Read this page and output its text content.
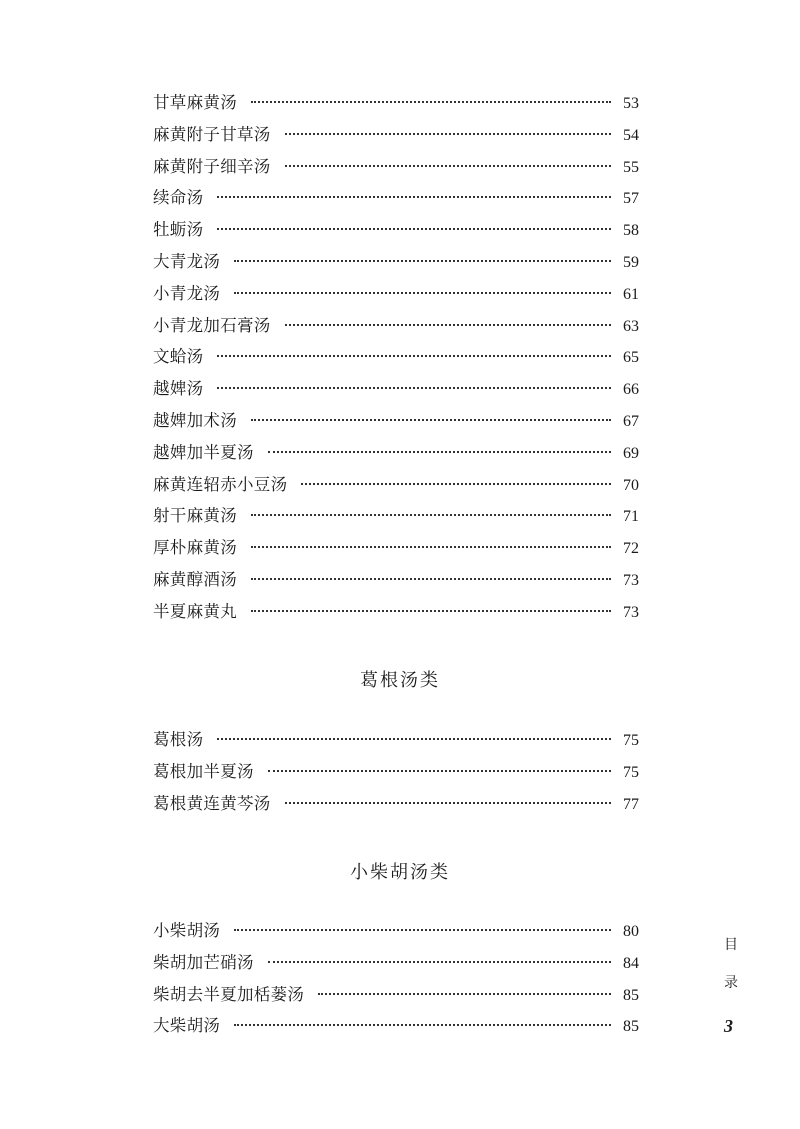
甘草麻黄汤	53
麻黄附子甘草汤	54
麻黄附子细辛汤	55
续命汤	57
牡蛎汤	58
大青龙汤	59
小青龙汤	61
小青龙加石膏汤	63
文蛤汤	65
越婢汤	66
越婢加术汤	67
越婢加半夏汤	69
麻黄连轺赤小豆汤	70
射干麻黄汤	71
厚朴麻黄汤	72
麻黄醇酒汤	73
半夏麻黄丸	73
葛根汤类
葛根汤	75
葛根加半夏汤	75
葛根黄连黄芩汤	77
小柴胡汤类
小柴胡汤	80
柴胡加芒硝汤	84
柴胡去半夏加栝蒌汤	85
大柴胡汤	85
目
录
3
